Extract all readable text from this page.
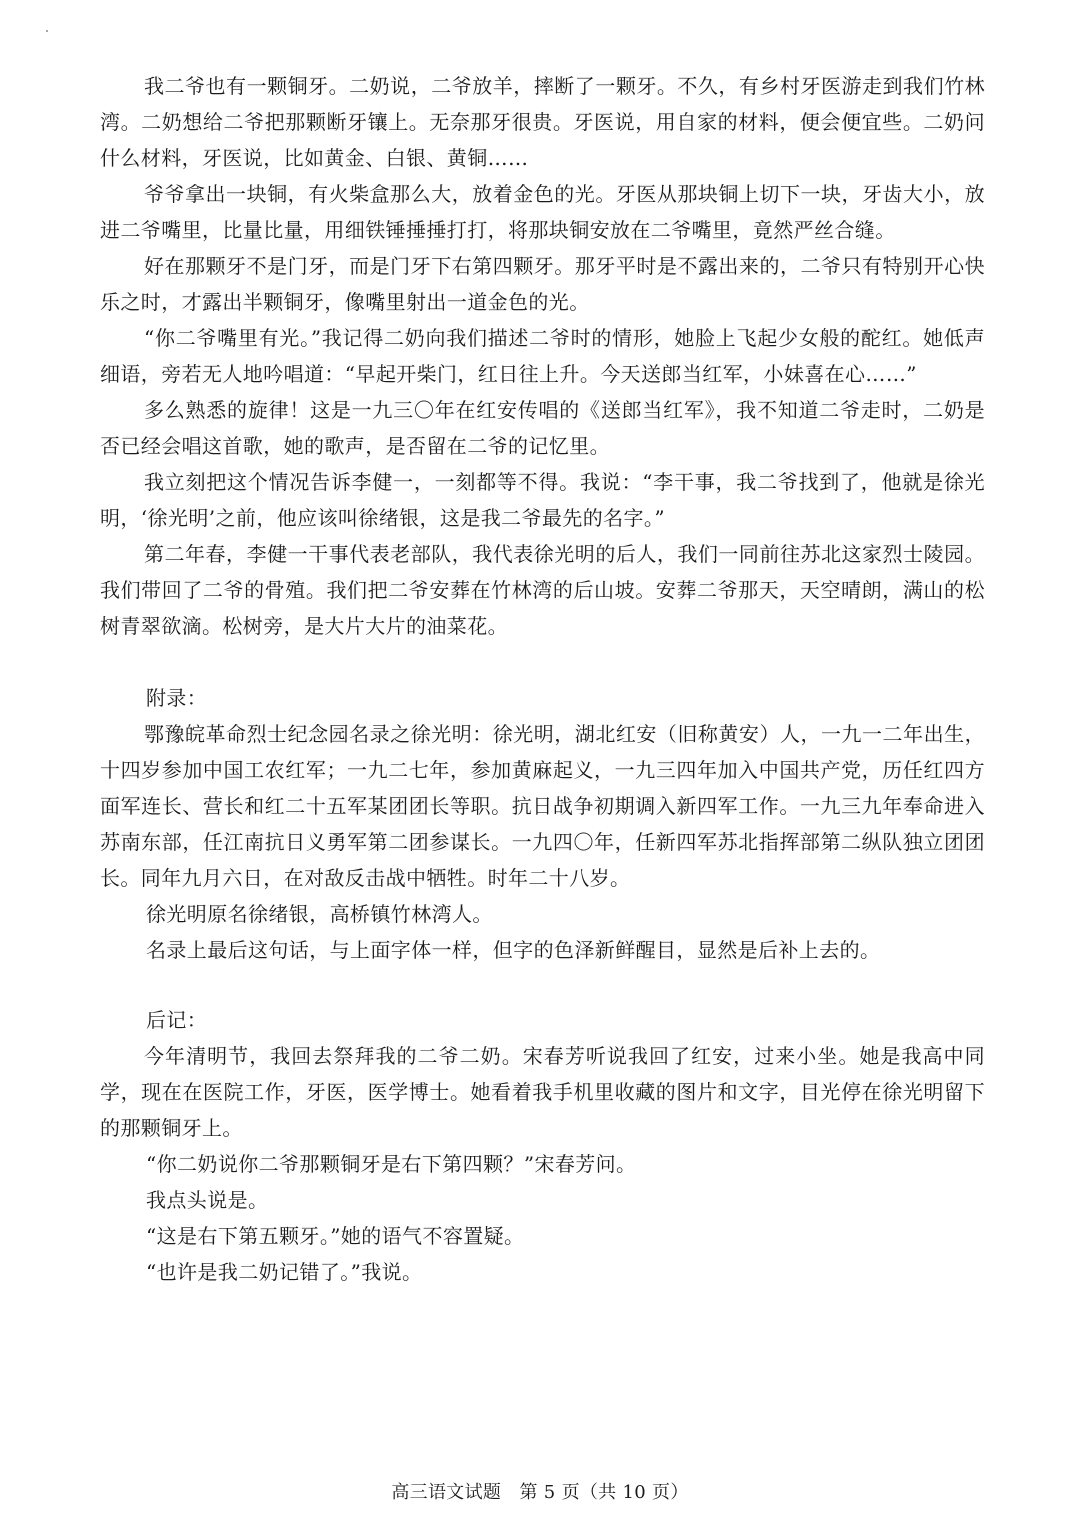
我二爷也有一颗铜牙。二奶说，二爷放羊，摔断了一颗牙。不久，有乡村牙医游走到我们竹林湾。二奶想给二爷把那颗断牙镶上。无奈那牙很贵。牙医说，用自家的材料，便会便宜些。二奶问什么材料，牙医说，比如黄金、白银、黄铜……

爷爷拿出一块铜，有火柴盒那么大，放着金色的光。牙医从那块铜上切下一块，牙齿大小，放进二爷嘴里，比量比量，用细铁锤捶捶打打，将那块铜安放在二爷嘴里，竟然严丝合缝。

好在那颗牙不是门牙，而是门牙下右第四颗牙。那牙平时是不露出来的，二爷只有特别开心快乐之时，才露出半颗铜牙，像嘴里射出一道金色的光。

“你二爷嘴里有光。”我记得二奶向我们描述二爷时的情形，她脸上飞起少女般的酡红。她低声细语，旁若无人地吟唱道：“早起开柴门，红日往上升。今天送郎当红军，小妹喜在心……”

多么熟悉的旋律！这是一九三〇年在红安传唱的《送郎当红军》，我不知道二爷走时，二奶是否已经会唱这首歌，她的歌声，是否留在二爷的记忆里。

我立刻把这个情况告诉李健一，一刻都等不得。我说：“李干事，我二爷找到了，他就是徐光明，‘徐光明’之前，他应该叫徐绪银，这是我二爷最先的名字。”

第二年春，李健一干事代表老部队，我代表徐光明的后人，我们一同前往苏北这家烈士陵园。我们带回了二爷的骨殖。我们把二爷安葬在竹林湾的后山坡。安葬二爷那天，天空晴朗，满山的松树青翠欲滴。松树旁，是大片大片的油菜花。

附录：

鄂豫皖革命烈士纪念园名录之徐光明：徐光明，湖北红安（旧称黄安）人，一九一二年出生，十四岁参加中国工农红军；一九二七年，参加黄麻起义，一九三四年加入中国共产党，历任红四方面军连长、营长和红二十五军某团团长等职。抗日战争初期调入新四军工作。一九三九年奉命进入苏南东部，任江南抗日义勇军第二团参谋长。一九四〇年，任新四军苏北指挥部第二纵队独立团团长。同年九月六日，在对敌反击战中牺牲。时年二十八岁。

徐光明原名徐绪银，高桥镇竹林湾人。

名录上最后这句话，与上面字体一样，但字的色泽新鲜醒目，显然是后补上去的。

后记：

今年清明节，我回去祭拜我的二爷二奶。宋春芳听说我回了红安，过来小坐。她是我高中同学，现在在医院工作，牙医，医学博士。她看着我手机里收藏的图片和文字，目光停在徐光明留下的那颗铜牙上。

“你二奶说你二爷那颗铜牙是右下第四颗？”宋春芳问。

我点头说是。

“这是右下第五颗牙。”她的语气不容置疑。

“也许是我二奶记错了。”我说。

高三语文试题　第 5 页（共 10 页）
